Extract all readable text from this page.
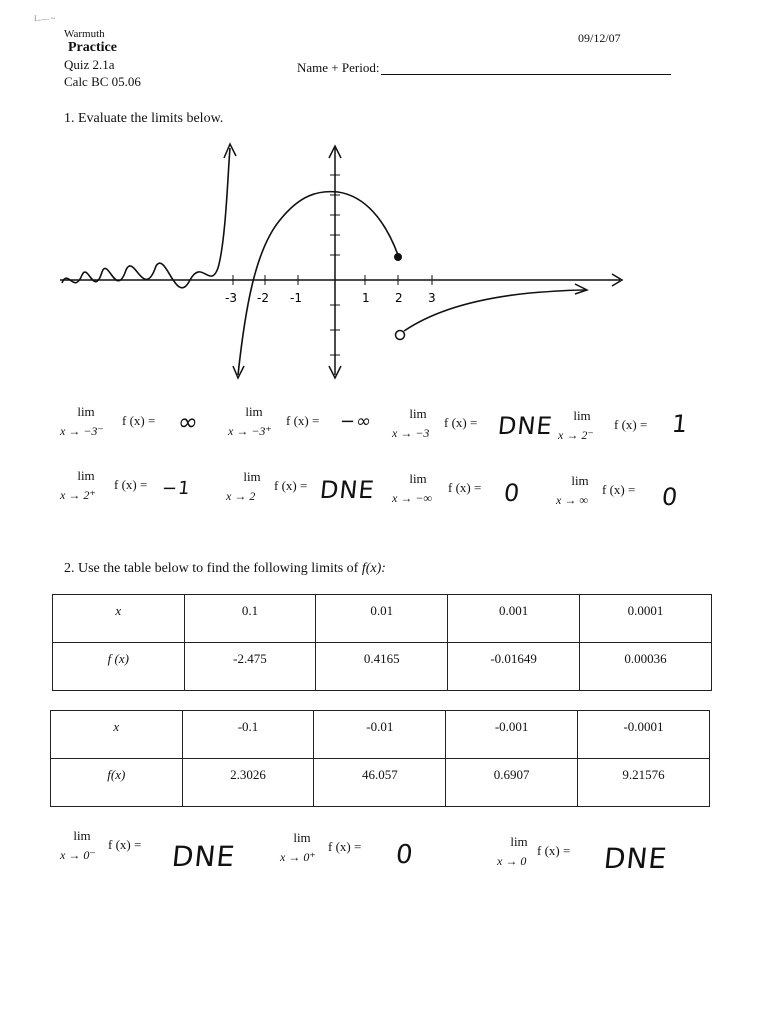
L.— ~
Warmuth
Practice
Quiz 2.1a
Calc BC 05.06
09/12/07
Name + Period:
1. Evaluate the limits below.
-3 -2 -1	1 2 3
lim
x → −3⁻
f (x) = ∞	lim
x → −3⁺
f (x) = −∞	lim
x → −3
f (x) = DNE	lim
x → 2⁻
f (x) = 1
lim
x → 2⁺
f (x) = −1
lim
x → 2
f (x) = DNE	lim
x → −∞
f (x) = 0	lim
x → ∞
f (x) = 0
2. Use the table below to find the following limits of f(x):
x	0.1	0.01	0.001	0.0001
f (x)	-2.475	0.4165	-0.01649	0.00036
x	-0.1	-0.01	-0.001	-0.0001
f(x)	2.3026	46.057	0.6907	9.21576
lim
x → 0⁻
f (x) = DNE
lim
x → 0⁺
f (x) = 0	lim
x → 0
f (x) = DNE
